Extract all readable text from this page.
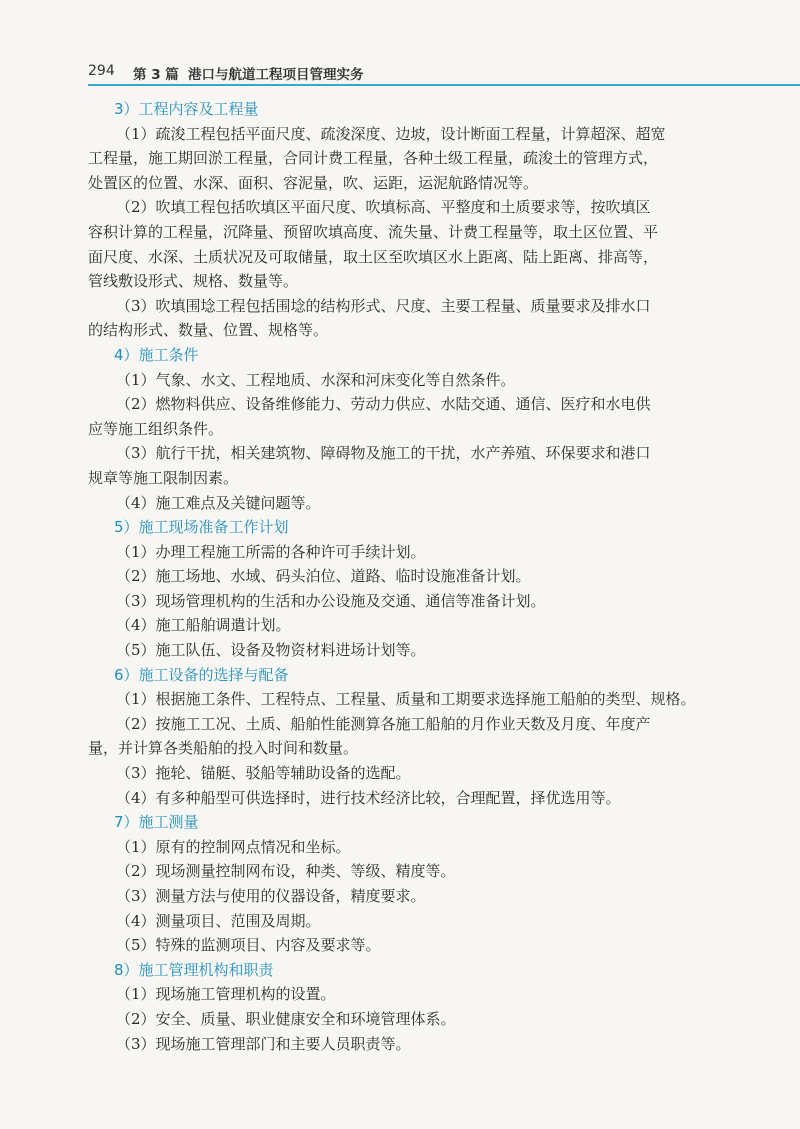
294 第 3 篇 港口与航道工程项目管理实务
3）工程内容及工程量
（1）疏浚工程包括平面尺度、疏浚深度、边坡，设计断面工程量，计算超深、超宽
工程量，施工期回淤工程量，合同计费工程量，各种土级工程量，疏浚土的管理方式，
处置区的位置、水深、面积、容泥量，吹、运距，运泥航路情况等。
（2）吹填工程包括吹填区平面尺度、吹填标高、平整度和土质要求等，按吹填区
容积计算的工程量，沉降量、预留吹填高度、流失量、计费工程量等，取土区位置、平
面尺度、水深、土质状况及可取储量，取土区至吹填区水上距离、陆上距离、排高等，
管线敷设形式、规格、数量等。
（3）吹填围埝工程包括围埝的结构形式、尺度、主要工程量、质量要求及排水口
的结构形式、数量、位置、规格等。
4）施工条件
（1）气象、水文、工程地质、水深和河床变化等自然条件。
（2）燃物料供应、设备维修能力、劳动力供应、水陆交通、通信、医疗和水电供
应等施工组织条件。
（3）航行干扰，相关建筑物、障碍物及施工的干扰，水产养殖、环保要求和港口
规章等施工限制因素。
（4）施工难点及关键问题等。
5）施工现场准备工作计划
（1）办理工程施工所需的各种许可手续计划。
（2）施工场地、水域、码头泊位、道路、临时设施准备计划。
（3）现场管理机构的生活和办公设施及交通、通信等准备计划。
（4）施工船舶调遣计划。
（5）施工队伍、设备及物资材料进场计划等。
6）施工设备的选择与配备
（1）根据施工条件、工程特点、工程量、质量和工期要求选择施工船舶的类型、规格。
（2）按施工工况、土质、船舶性能测算各施工船舶的月作业天数及月度、年度产
量，并计算各类船舶的投入时间和数量。
（3）拖轮、锚艇、驳船等辅助设备的选配。
（4）有多种船型可供选择时，进行技术经济比较，合理配置，择优选用等。
7）施工测量
（1）原有的控制网点情况和坐标。
（2）现场测量控制网布设，种类、等级、精度等。
（3）测量方法与使用的仪器设备，精度要求。
（4）测量项目、范围及周期。
（5）特殊的监测项目、内容及要求等。
8）施工管理机构和职责
（1）现场施工管理机构的设置。
（2）安全、质量、职业健康安全和环境管理体系。
（3）现场施工管理部门和主要人员职责等。
